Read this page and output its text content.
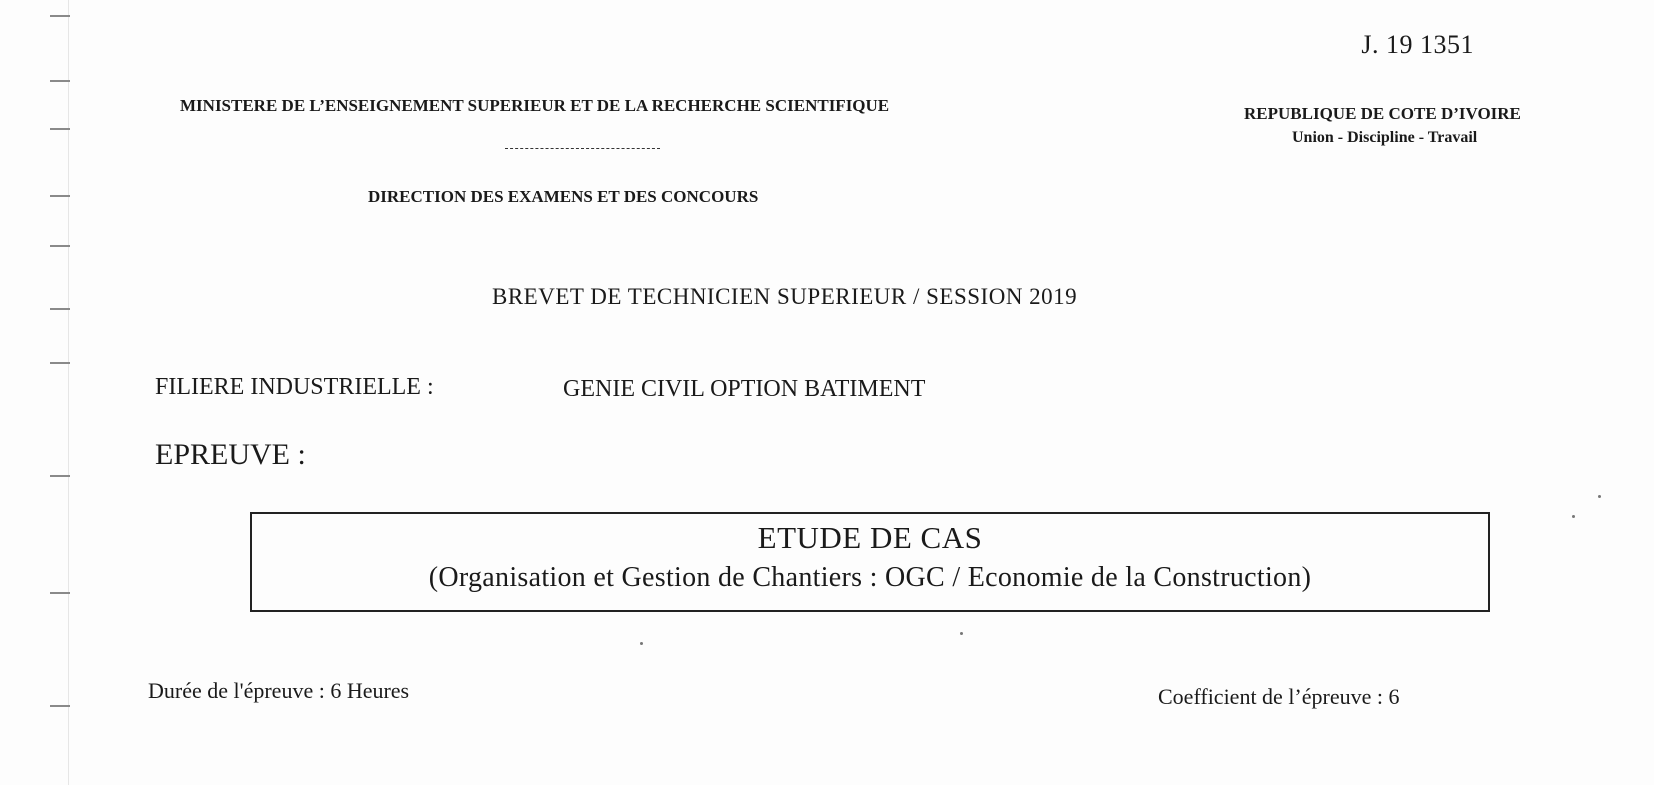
J. 19 1351
MINISTERE DE L’ENSEIGNEMENT SUPERIEUR ET DE LA RECHERCHE SCIENTIFIQUE
DIRECTION DES EXAMENS ET DES CONCOURS
REPUBLIQUE DE COTE D’IVOIRE
Union - Discipline - Travail
BREVET DE TECHNICIEN SUPERIEUR / SESSION 2019
FILIERE INDUSTRIELLE :	GENIE CIVIL OPTION BATIMENT
EPREUVE :
ETUDE DE CAS
(Organisation et Gestion de Chantiers : OGC / Economie de la Construction)
Durée de l'épreuve : 6 Heures	Coefficient de l’épreuve : 6
